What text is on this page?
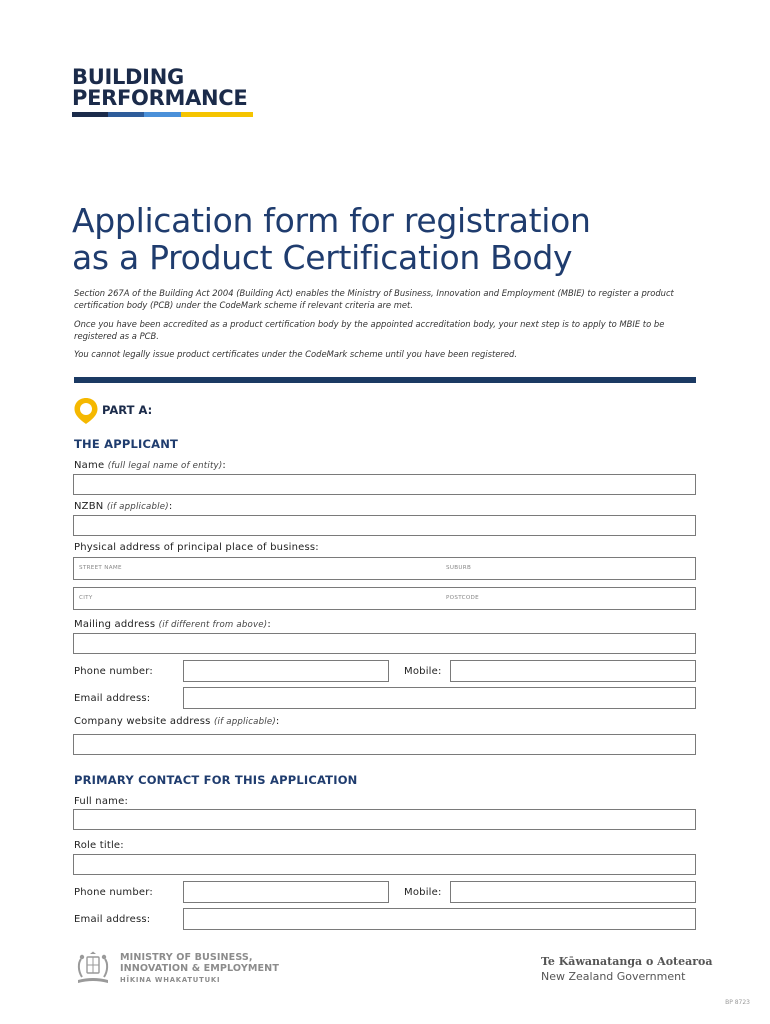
BUILDING
PERFORMANCE
Application form for registration
as a Product Certification Body
Section 267A of the Building Act 2004 (Building Act) enables the Ministry of Business, Innovation and Employment (MBIE) to register a product certification body (PCB) under the CodeMark scheme if relevant criteria are met.
Once you have been accredited as a product certification body by the appointed accreditation body, your next step is to apply to MBIE to be registered as a PCB.
You cannot legally issue product certificates under the CodeMark scheme until you have been registered.
PART A:
THE APPLICANT
Name (full legal name of entity):
NZBN (if applicable):
Physical address of principal place of business:
STREET NAME	SUBURB
CITY	POSTCODE
Mailing address (if different from above):
Phone number:	Mobile:
Email address:
Company website address (if applicable):
PRIMARY CONTACT FOR THIS APPLICATION
Full name:
Role title:
Phone number:	Mobile:
Email address:
MINISTRY OF BUSINESS,
INNOVATION & EMPLOYMENT
HĪKINA WHAKATUTUKI
Te Kāwanatanga o Aotearoa
New Zealand Government
BP 8723
